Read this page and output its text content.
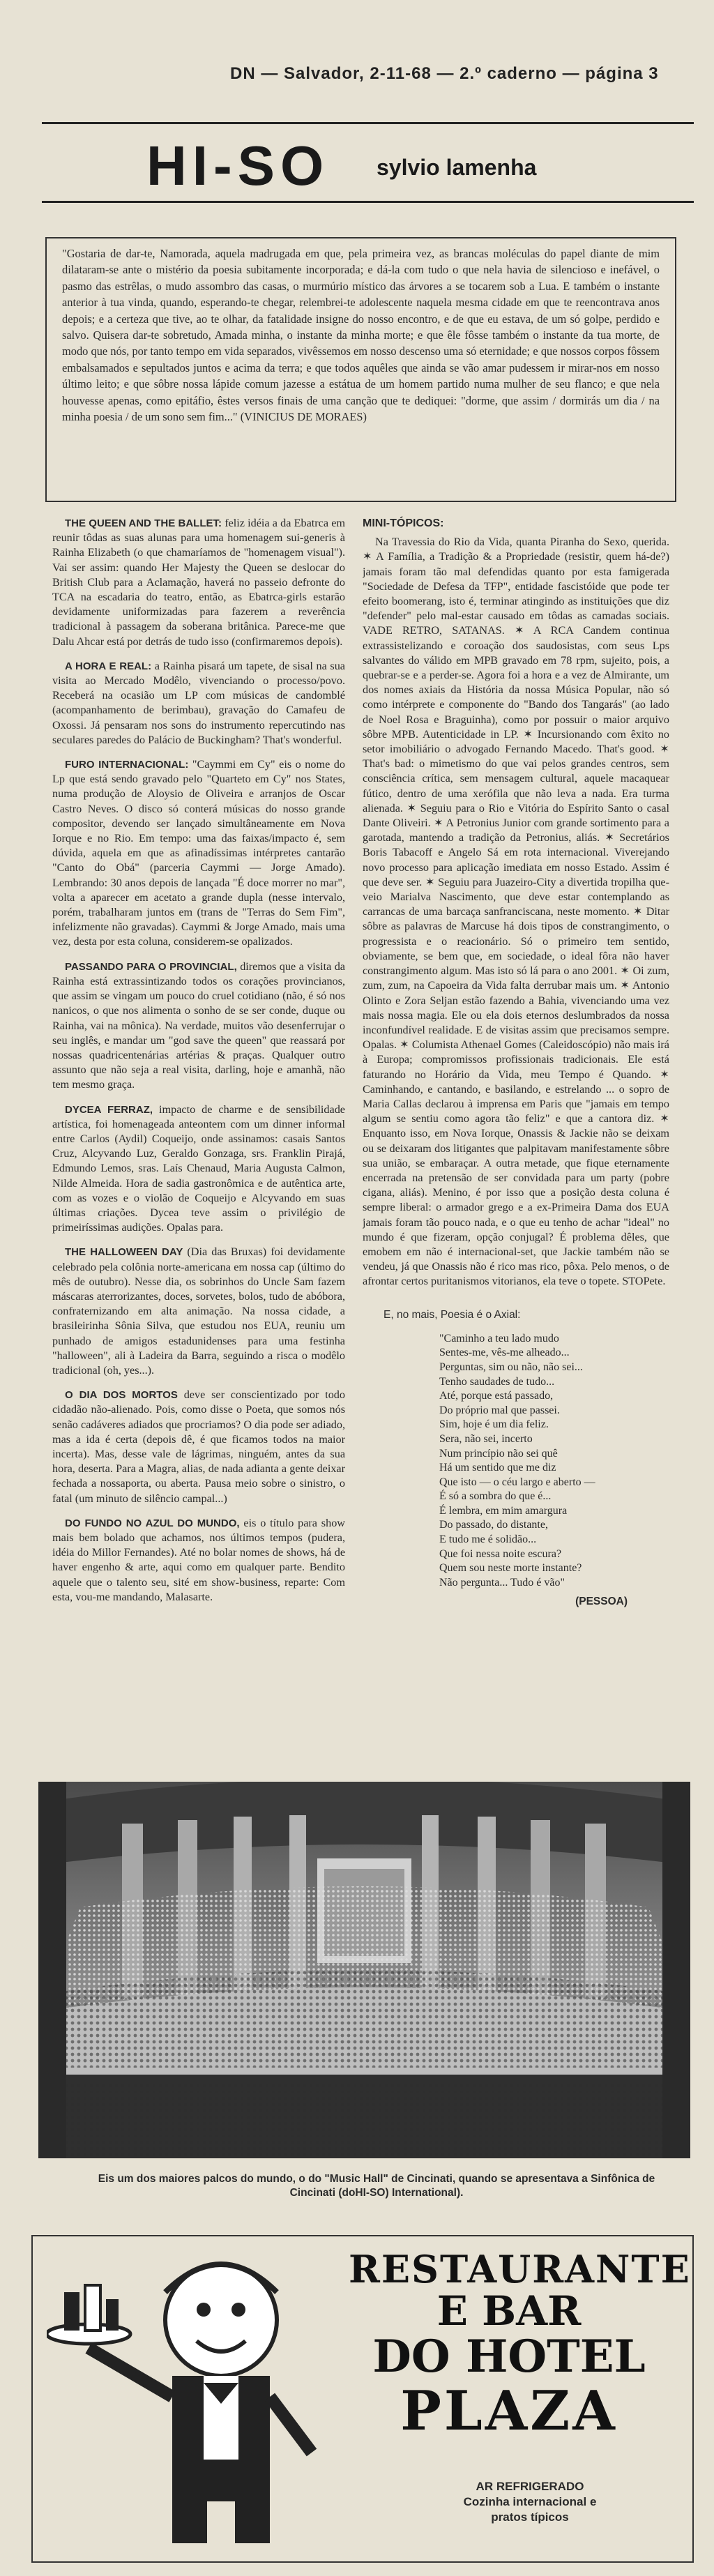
DN — Salvador, 2-11-68 — 2.º caderno — página 3
HI-SO sylvio lamenha
"Gostaria de dar-te, Namorada, aquela madrugada em que, pela primeira vez, as brancas moléculas do papel diante de mim dilataram-se ante o mistério da poesia subitamente incorporada; e dá-la com tudo o que nela havia de silencioso e inefável, o pasmo das estrêlas, o mudo assombro das casas, o murmúrio místico das árvores a se tocarem sob a Lua. E também o instante anterior à tua vinda, quando, esperando-te chegar, relembrei-te adolescente naquela mesma cidade em que te reencontrava anos depois; e a certeza que tive, ao te olhar, da fatalidade insigne do nosso encontro, e de que eu estava, de um só golpe, perdido e salvo. Quisera dar-te sobretudo, Amada minha, o instante da minha morte; e que êle fôsse também o instante da tua morte, de modo que nós, por tanto tempo em vida separados, vivêssemos em nosso descenso uma só eternidade; e que nossos corpos fôssem embalsamados e sepultados juntos e acima da terra; e que todos aquêles que ainda se vão amar pudessem ir mirar-nos em nosso último leito; e que sôbre nossa lápide comum jazesse a estátua de um homem partido numa mulher de seu flanco; e que nela houvesse apenas, como epitáfio, êstes versos finais de uma canção que te dediquei: "dorme, que assim / dormirás um dia / na minha poesia / de um sono sem fim..." (VINICIUS DE MORAES)

THE QUEEN AND THE BALLET: feliz idéia a da Ebatrca em reunir tôdas as suas alunas para uma homenagem sui-generis à Rainha Elizabeth (o que chamaríamos de "homenagem visual"). Vai ser assim: quando Her Majesty the Queen se deslocar do British Club para a Aclamação, haverá no passeio defronte do TCA na escadaria do teatro, então, as Ebatrca-girls estarão devidamente uniformizadas para fazerem a reverência tradicional à passagem da soberana britânica. Parece-me que Dalu Ahcar está por detrás de tudo isso (confirmaremos depois).

A HORA E REAL: a Rainha pisará um tapete, de sisal na sua visita ao Mercado Modêlo, vivenciando o processo/povo. Receberá na ocasião um LP com músicas de candomblé (acompanhamento de berimbau), gravação do Camafeu de Oxossi. Já pensaram nos sons do instrumento repercutindo nas seculares paredes do Palácio de Buckingham? That's wonderful.

FURO INTERNACIONAL: "Caymmi em Cy" eis o nome do Lp que está sendo gravado pelo "Quarteto em Cy" nos States, numa produção de Aloysio de Oliveira e arranjos de Oscar Castro Neves. O disco só conterá músicas do nosso grande compositor, devendo ser lançado simultâneamente em Nova Iorque e no Rio. Em tempo: uma das faixas/impacto é, sem dúvida, aquela em que as afinadíssimas intérpretes cantarão "Canto do Obá" (parceria Caymmi — Jorge Amado). Lembrando: 30 anos depois de lançada "É doce morrer no mar", volta a aparecer em acetato a grande dupla (nesse intervalo, porém, trabalharam juntos em (trans de "Terras do Sem Fim", infelizmente não gravadas). Caymmi & Jorge Amado, mais uma vez, desta por esta coluna, considerem-se opalizados.

PASSANDO PARA O PROVINCIAL, diremos que a visita da Rainha está extrassintizando todos os corações provincianos, que assim se vingam um pouco do cruel cotidiano (não, é só nos nanicos, o que nos alimenta o sonho de se ser conde, duque ou Rainha, vai na mônica). Na verdade, muitos vão desenferrujar o seu inglês, e mandar um "god save the queen" que reassará por nossas quadricentenárias artérias & praças. Qualquer outro assunto que não seja a real visita, darling, hoje e amanhã, não tem mesmo graça.

DYCEA FERRAZ, impacto de charme e de sensibilidade artística, foi homenageada anteontem com um dinner informal entre Carlos (Aydil) Coqueijo, onde assinamos: casais Santos Cruz, Alcyvando Luz, Geraldo Gonzaga, srs. Franklin Pirajá, Edmundo Lemos, sras. Laís Chenaud, Maria Augusta Calmon, Nilde Almeida. Hora de sadia gastronômica e de autêntica arte, com as vozes e o violão de Coqueijo e Alcyvando em suas últimas criações. Dycea teve assim o privilégio de primeiríssimas audições. Opalas para.

THE HALLOWEEN DAY (Dia das Bruxas) foi devidamente celebrado pela colônia norte-americana em nossa cap (último do mês de outubro). Nesse dia, os sobrinhos do Uncle Sam fazem máscaras aterrorizantes, doces, sorvetes, bolos, tudo de abóbora, confraternizando em alta animação. Na nossa cidade, a brasileirinha Sônia Silva, que estudou nos EUA, reuniu um punhado de amigos estadunidenses para uma festinha "halloween", ali à Ladeira da Barra, seguindo a risca o modêlo tradicional (oh, yes...).

O DIA DOS MORTOS deve ser conscientizado por todo cidadão não-alienado. Pois, como disse o Poeta, que somos nós senão cadáveres adiados que procriamos? O dia pode ser adiado, mas a ida é certa (depois dê, é que ficamos todos na maior incerta). Mas, desse vale de lágrimas, ninguém, antes da sua hora, deserta. Para a Magra, alias, de nada adianta a gente deixar fechada a nossaporta, ou aberta. Pausa meio sobre o sinistro, o fatal (um minuto de silêncio campal...)

DO FUNDO NO AZUL DO MUNDO, eis o título para show mais bem bolado que achamos, nos últimos tempos (pudera, idéia do Millor Fernandes). Até no bolar nomes de shows, há de haver engenho & arte, aqui como em qualquer parte. Bendito aquele que o talento seu, sité em show-business, reparte: Com esta, vou-me mandando, Malasarte.

MINI-TÓPICOS:

Na Travessia do Rio da Vida, quanta Piranha do Sexo, querida. ✶ A Família, a Tradição & a Propriedade (resistir, quem há-de?) jamais foram tão mal defendidas quanto por esta famigerada "Sociedade de Defesa da TFP", entidade fascistóide que pode ter efeito boomerang, isto é, terminar atingindo as instituições que diz "defender" pelo mal-estar causado em tôdas as camadas sociais. VADE RETRO, SATANAS. ✶ A RCA Candem continua extrassistelizando e coroação dos saudosistas, com seus Lps salvantes do válido em MPB gravado em 78 rpm, sujeito, pois, a quebrar-se e a perder-se. Agora foi a hora e a vez de Almirante, um dos nomes axiais da História da nossa Música Popular, não só como intérprete e componente do "Bando dos Tangarás" (ao lado de Noel Rosa e Braguinha), como por possuir o maior arquivo sôbre MPB. Autenticidade in LP. ✶ Incursionando com êxito no setor imobiliário o advogado Fernando Macedo. That's good. ✶ That's bad: o mimetismo do que vai pelos grandes centros, sem consciência crítica, sem mensagem cultural, aquele macaquear fútico, dentro de uma xerófila que não leva a nada. Era turma alienada. ✶ Seguiu para o Rio e Vitória do Espírito Santo o casal Dante Oliveiri. ✶ A Petronius Junior com grande sortimento para a garotada, mantendo a tradição da Petronius, aliás. ✶ Secretários Boris Tabacoff e Angelo Sá em rota internacional. Viverejando novo processo para aplicação imediata em nosso Estado. Assim é que deve ser. ✶ Seguiu para Juazeiro-City a divertida tropilha que-veio Marialva Nascimento, que deve estar contemplando as carrancas de uma barcaça sanfranciscana, neste momento. ✶ Ditar sôbre as palavras de Marcuse há dois tipos de constrangimento, o progressista e o reacionário. Só o primeiro tem sentido, obviamente, se bem que, em sociedade, o ideal fôra não haver constrangimento algum. Mas isto só lá para o ano 2001. ✶ Oi zum, zum, zum, na Capoeira da Vida falta derrubar mais um. ✶ Antonio Olinto e Zora Seljan estão fazendo a Bahia, vivenciando uma vez mais nossa magia. Ele ou ela dois eternos deslumbrados da nossa inconfundível realidade. E de visitas assim que precisamos sempre. Opalas. ✶ Columista Athenael Gomes (Caleidoscópio) não mais irá à Europa; compromissos profissionais tradicionais. Ele está faturando no Horário da Vida, meu Tempo é Quando. ✶ Caminhando, e cantando, e basilando, e estrelando ... o sopro de Maria Callas declarou à imprensa em Paris que "jamais em tempo algum se sentiu como agora tão feliz" e que a cantora diz. ✶ Enquanto isso, em Nova Iorque, Onassis & Jackie não se deixam ou se deixaram dos litigantes que palpitavam manifestamente sôbre sua união, se embaraçar. A outra metade, que fique eternamente encerrada na pretensão de ser convidada para um party (pobre cigana, aliás). Menino, é por isso que a posição desta coluna é sempre liberal: o armador grego e a ex-Primeira Dama dos EUA jamais foram tão pouco nada, e o que eu tenho de achar "ideal" no mundo é que fizeram, opção conjugal? É problema dêles, que emobem em não é internacional-set, que Jackie também não se vendeu, já que Onassis não é rico mas rico, pôxa. Pelo menos, o de afrontar certos puritanismos vitorianos, ela teve o topete. STOPete.

E, no mais, Poesia é o Axial:
"Caminho a teu lado mudo
Sentes-me, vês-me alheado...
Perguntas, sim ou não, não sei...
Tenho saudades de tudo...
Até, porque está passado,
Do próprio mal que passei.
Sim, hoje é um dia feliz.
Sera, não sei, incerto
Num princípio não sei quê
Há um sentido que me diz
Que isto — o céu largo e aberto —
É só a sombra do que é...
É lembra, em mim amargura
Do passado, do distante,
E tudo me é solidão...
Que foi nessa noite escura?
Quem sou neste morte instante?
Não pergunta... Tudo é vão"
(PESSOA)
Eis um dos maiores palcos do mundo, o do "Music Hall" de Cincinati, quando se apresentava a Sinfônica de Cincinati (doHI-SO) International).
RESTAURANTE
E BAR
DO HOTEL
PLAZA
AR REFRIGERADO
Cozinha internacional e
pratos típicos
